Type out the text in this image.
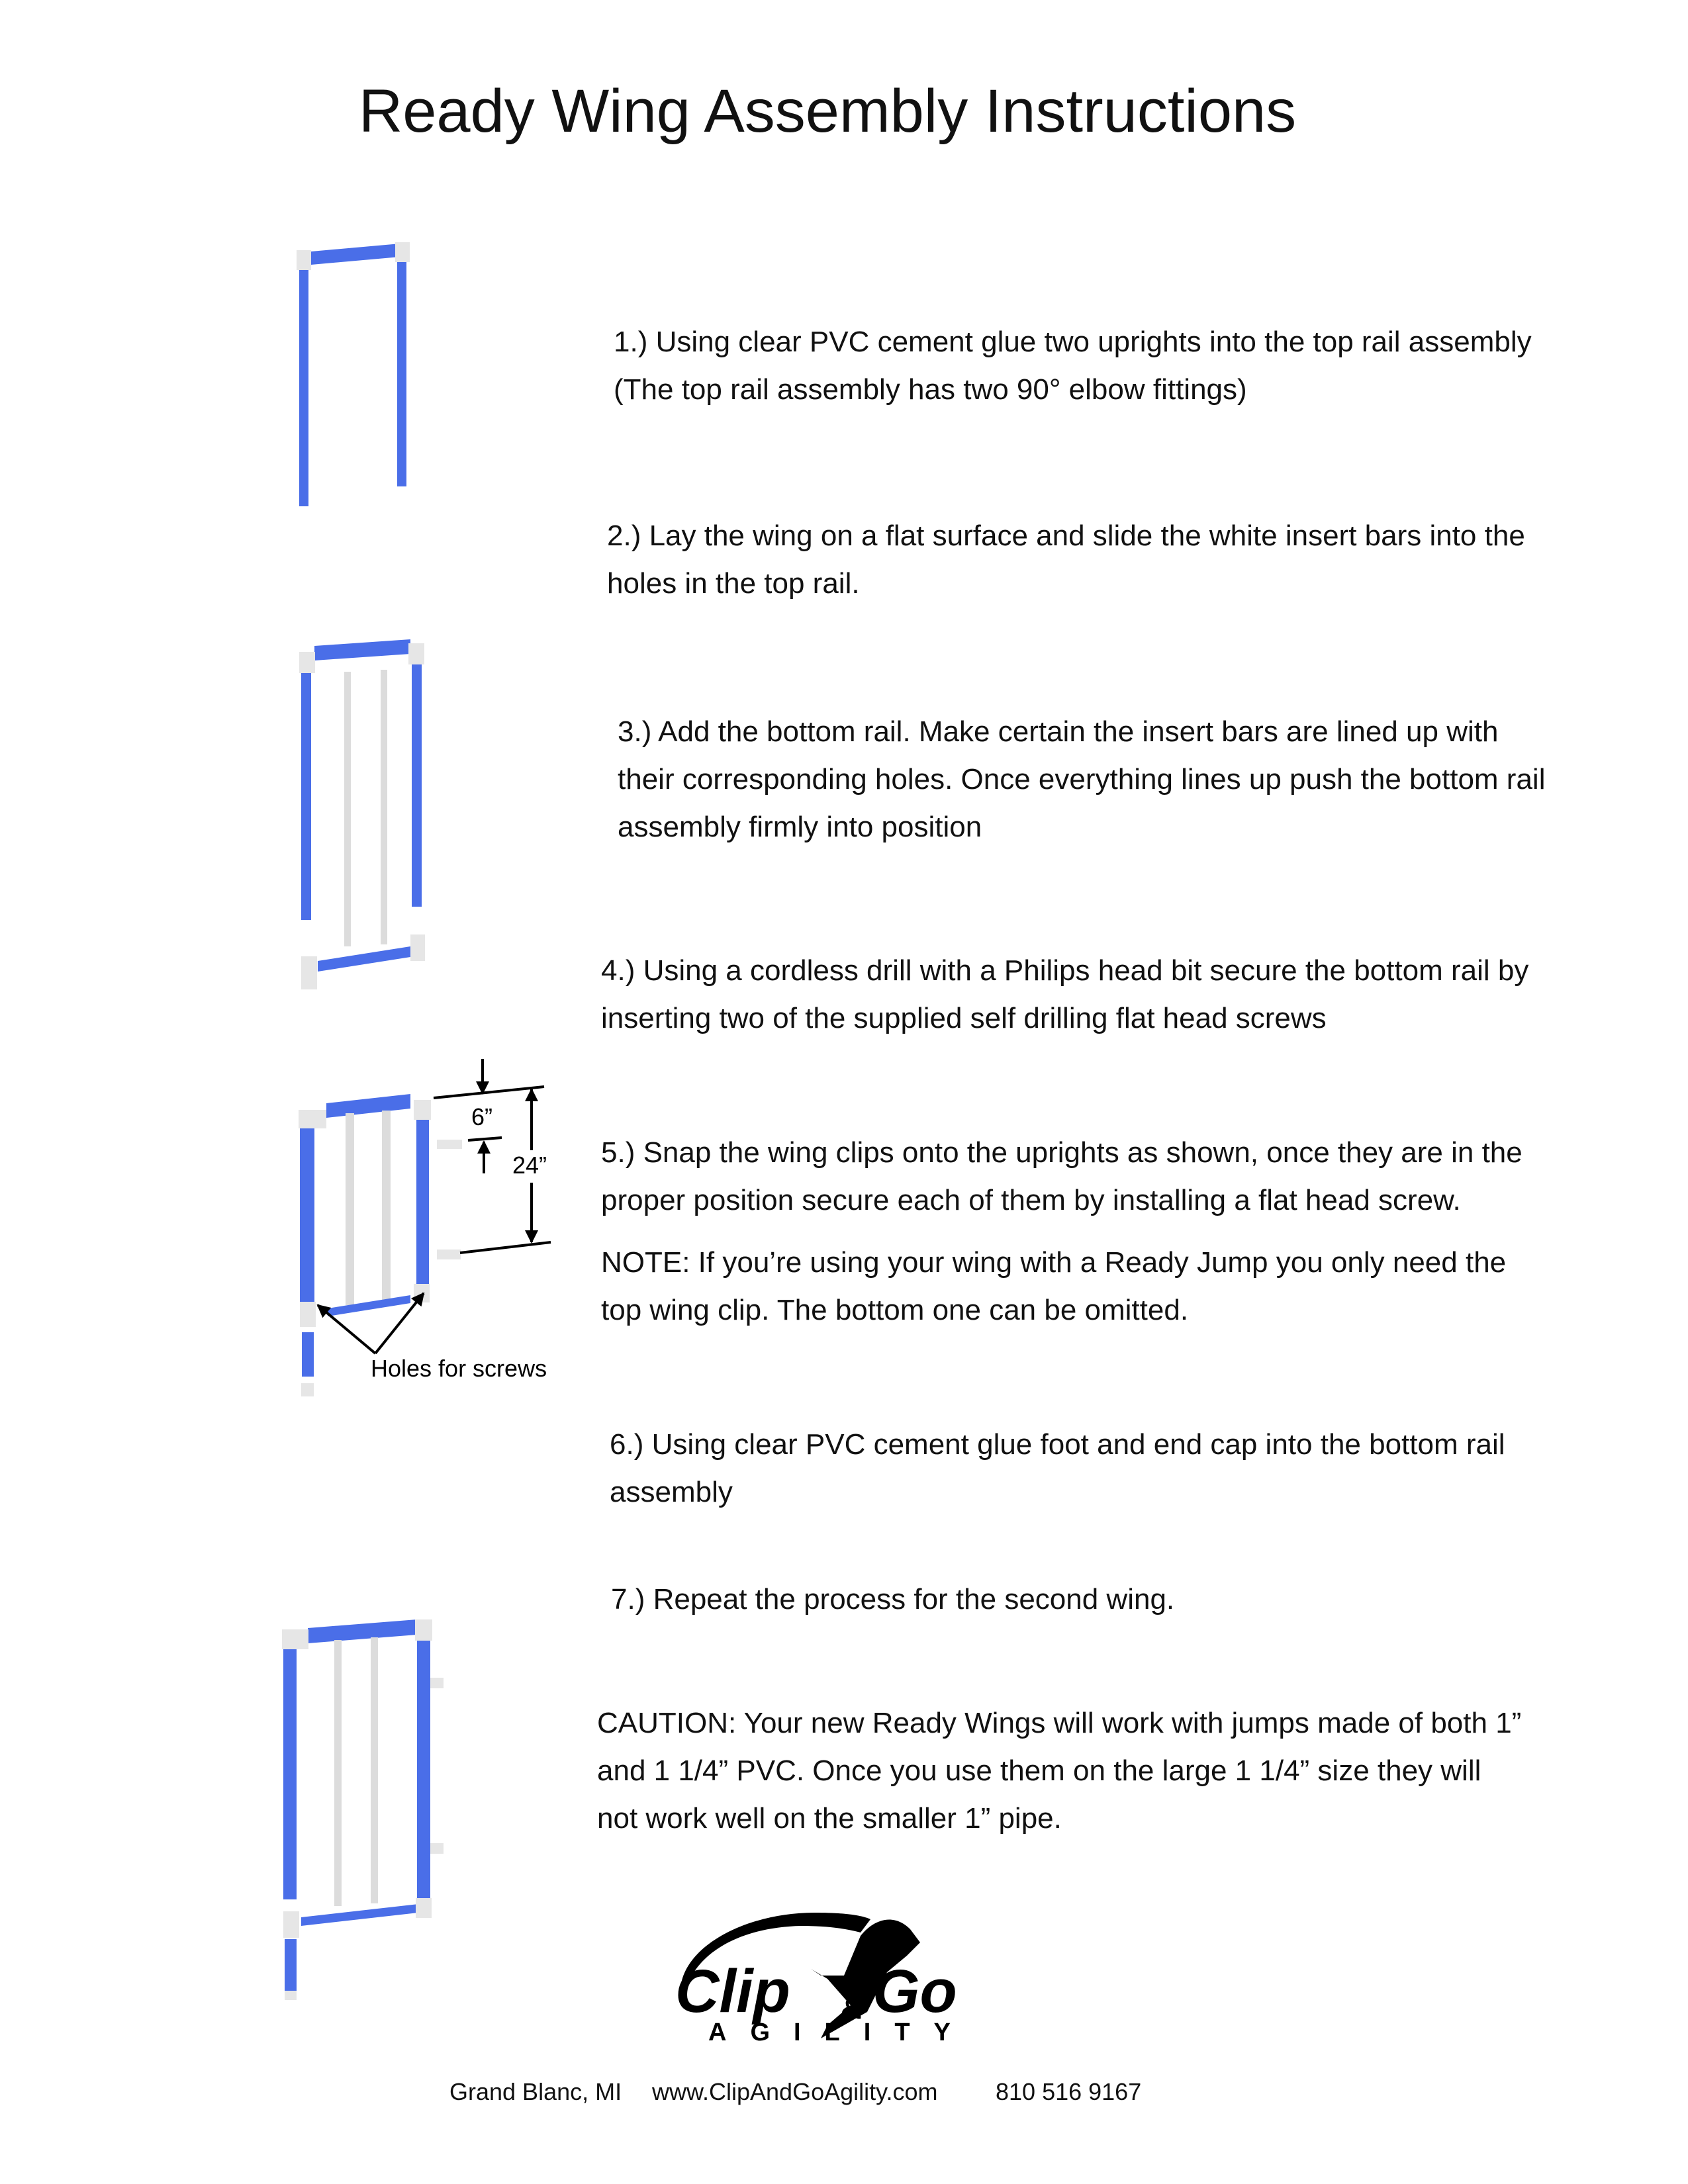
Ready Wing Assembly Instructions
1.) Using clear PVC cement glue two uprights into the top rail assembly
(The top rail assembly has two 90° elbow fittings)
2.) Lay the wing on a flat surface and slide the white insert bars into the
holes in the top rail.
3.) Add the bottom rail. Make certain the insert bars are lined up with
their corresponding holes. Once everything lines up push the bottom rail
assembly firmly into position
4.) Using a cordless drill with a Philips head bit secure the bottom rail by
inserting two of the supplied self drilling flat head screws
5.) Snap the wing clips onto the uprights as shown, once they are in the
proper position secure each of them by installing a flat head screw.
NOTE: If you’re using your wing with a Ready Jump you only need the
top wing clip. The bottom one can be omitted.
6.) Using clear PVC cement glue foot and end cap into the bottom rail
assembly
7.) Repeat the process for the second wing.
CAUTION: Your new Ready Wings will work with jumps made of both 1”
and 1 1/4” PVC. Once you use them on the large 1 1/4” size they will
not work well on the smaller 1” pipe.
6”
24”
Holes for screws
Clip & Go
AGILITY
Grand Blanc, MI www.ClipAndGoAgility.com 810 516 9167
